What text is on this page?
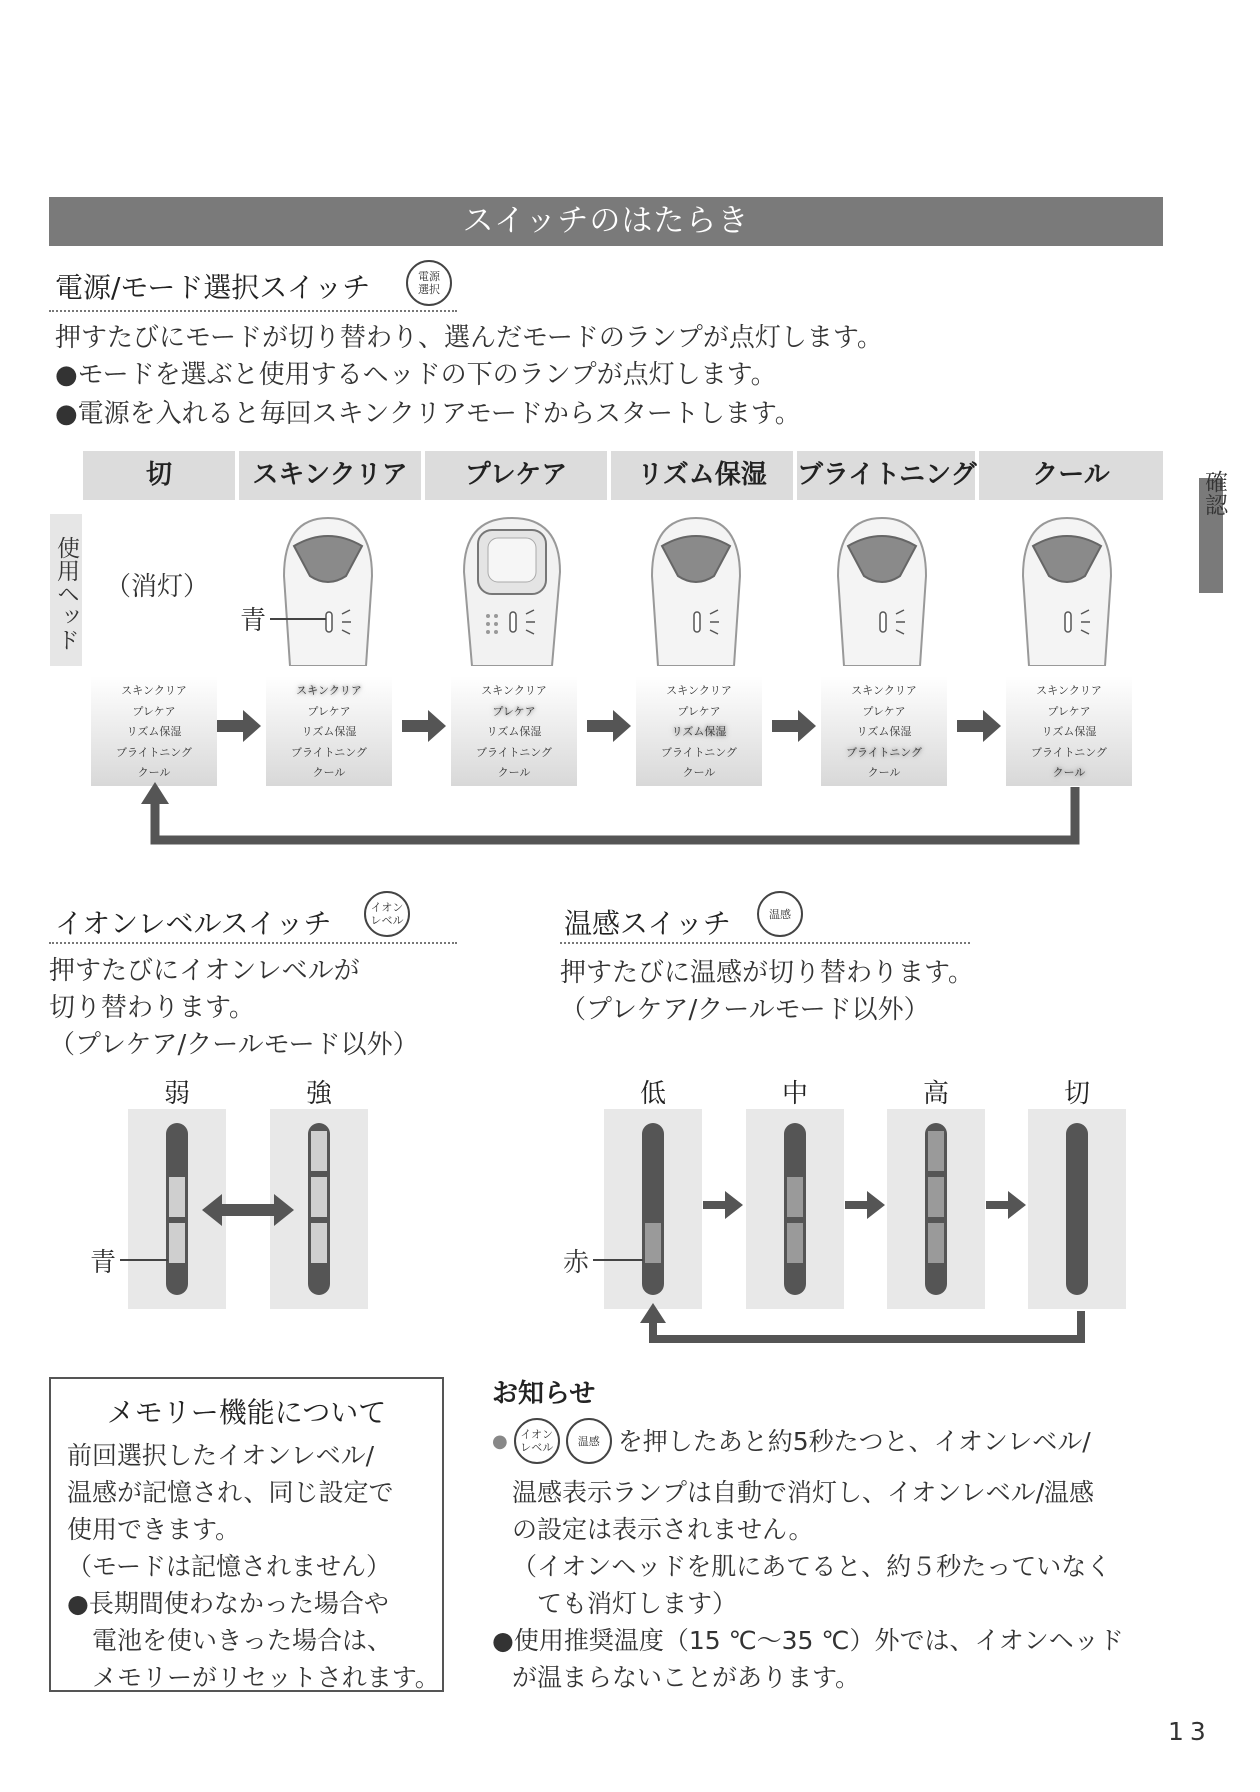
スイッチのはたらき
確認
電源/モード選択スイッチ	電源
選択
押すたびにモードが切り替わり、選んだモードのランプが点灯します。
●モードを選ぶと使用するヘッドの下のランプが点灯します。
●電源を入れると毎回スキンクリアモードからスタートします。
切	スキンクリア	プレケア	リズム保湿	ブライトニング	クール
使用ヘッド （消灯）
青
スキンクリア
プレケア
リズム保湿
ブライトニング
クール
スキンクリア
プレケア
リズム保湿
ブライトニング
クール
スキンクリア
プレケア
リズム保湿
ブライトニング
クール
スキンクリア
プレケア
リズム保湿
ブライトニング
クール
スキンクリア
プレケア
リズム保湿
ブライトニング
クール
スキンクリア
プレケア
リズム保湿
ブライトニング
クール
イオンレベルスイッチ	イオン
レベル
押すたびにイオンレベルが
切り替わります。
（プレケア/クールモード以外）
弱	強
青
温感スイッチ	温感
押すたびに温感が切り替わります。
（プレケア/クールモード以外）
低	中	高	切
赤
メモリー機能について
前回選択したイオンレベル/
温感が記憶され、同じ設定で
使用できます。
（モードは記憶されません）
●長期間使わなかった場合や
　電池を使いきった場合は、
　メモリーがリセットされます。
お知らせ
● イオン
レベル 温感 を押したあと約5秒たつと、イオンレベル/
温感表示ランプは自動で消灯し、イオンレベル/温感
の設定は表示されません。
（イオンヘッドを肌にあてると、約５秒たっていなく
　ても消灯します）
●使用推奨温度（15 ℃～35 ℃）外では、イオンヘッド
が温まらないことがあります。
13
